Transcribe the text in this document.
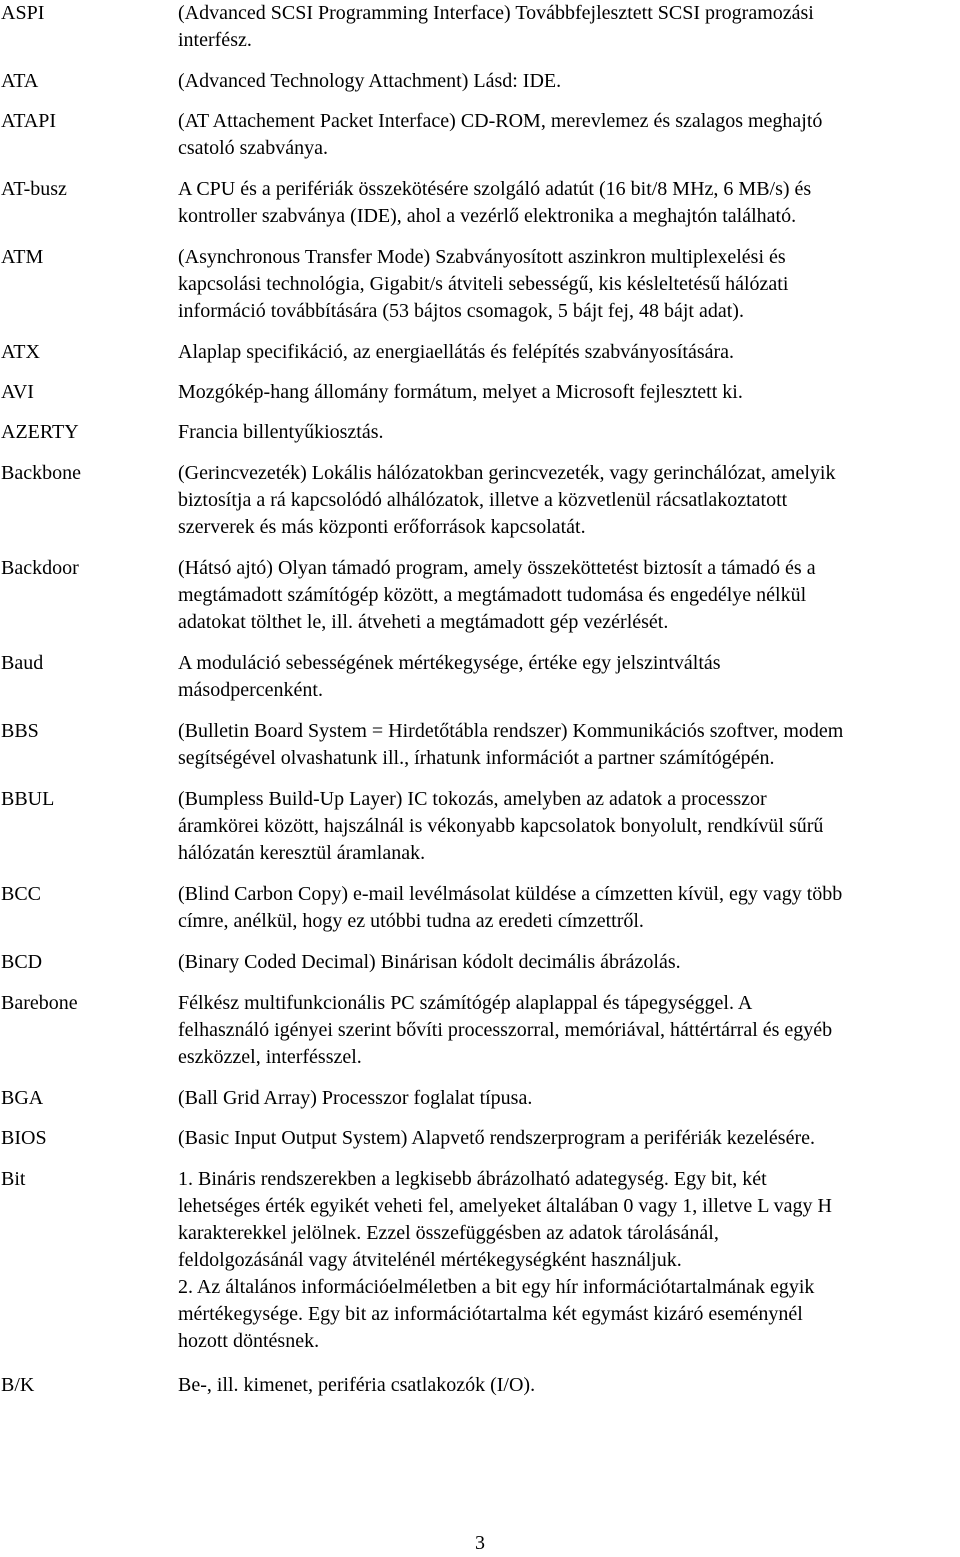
ASPI	(Advanced SCSI Programming Interface) Továbbfejlesztett SCSI programozási
interfész.
ATA	(Advanced Technology Attachment) Lásd: IDE.
ATAPI	(AT Attachement Packet Interface) CD-ROM, merevlemez és szalagos meghajtó
csatoló szabványa.
AT-busz	A CPU és a perifériák összekötésére szolgáló adatút (16 bit/8 MHz, 6 MB/s) és
kontroller szabványa (IDE), ahol a vezérlő elektronika a meghajtón található.
ATM	(Asynchronous Transfer Mode) Szabványosított aszinkron multiplexelési és
kapcsolási technológia, Gigabit/s átviteli sebességű, kis késleltetésű hálózati
információ továbbítására (53 bájtos csomagok, 5 bájt fej, 48 bájt adat).
ATX	Alaplap specifikáció, az energiaellátás és felépítés szabványosítására.
AVI	Mozgókép-hang állomány formátum, melyet a Microsoft fejlesztett ki.
AZERTY	Francia billentyűkiosztás.
Backbone	(Gerincvezeték) Lokális hálózatokban gerincvezeték, vagy gerinchálózat, amelyik
biztosítja a rá kapcsolódó alhálózatok, illetve a közvetlenül rácsatlakoztatott
szerverek és más központi erőforrások kapcsolatát.
Backdoor	(Hátsó ajtó) Olyan támadó program, amely összeköttetést biztosít a támadó és a
megtámadott számítógép között, a megtámadott tudomása és engedélye nélkül
adatokat tölthet le, ill. átveheti a megtámadott gép vezérlését.
Baud	A moduláció sebességének mértékegysége, értéke egy jelszintváltás
másodpercenként.
BBS	(Bulletin Board System = Hirdetőtábla rendszer) Kommunikációs szoftver, modem
segítségével olvashatunk ill., írhatunk információt a partner számítógépén.
BBUL	(Bumpless Build-Up Layer) IC tokozás, amelyben az adatok a processzor
áramkörei között, hajszálnál is vékonyabb kapcsolatok bonyolult, rendkívül sűrű
hálózatán keresztül áramlanak.
BCC	(Blind Carbon Copy) e-mail levélmásolat küldése a címzetten kívül, egy vagy több
címre, anélkül, hogy ez utóbbi tudna az eredeti címzettről.
BCD	(Binary Coded Decimal) Binárisan kódolt decimális ábrázolás.
Barebone	Félkész multifunkcionális PC számítógép alaplappal és tápegységgel. A
felhasználó igényei szerint bővíti processzorral, memóriával, háttértárral és egyéb
eszközzel, interfésszel.
BGA	(Ball Grid Array) Processzor foglalat típusa.
BIOS	(Basic Input Output System) Alapvető rendszerprogram a perifériák kezelésére.
Bit	1. Bináris rendszerekben a legkisebb ábrázolható adategység. Egy bit, két
lehetséges érték egyikét veheti fel, amelyeket általában 0 vagy 1, illetve L vagy H
karakterekkel jelölnek. Ezzel összefüggésben az adatok tárolásánál,
feldolgozásánál vagy átvitelénél mértékegységként használjuk.
2. Az általános információelméletben a bit egy hír információtartalmának egyik
mértékegysége. Egy bit az információtartalma két egymást kizáró eseménynél
hozott döntésnek.
B/K	Be-, ill. kimenet, periféria csatlakozók (I/O).
3
